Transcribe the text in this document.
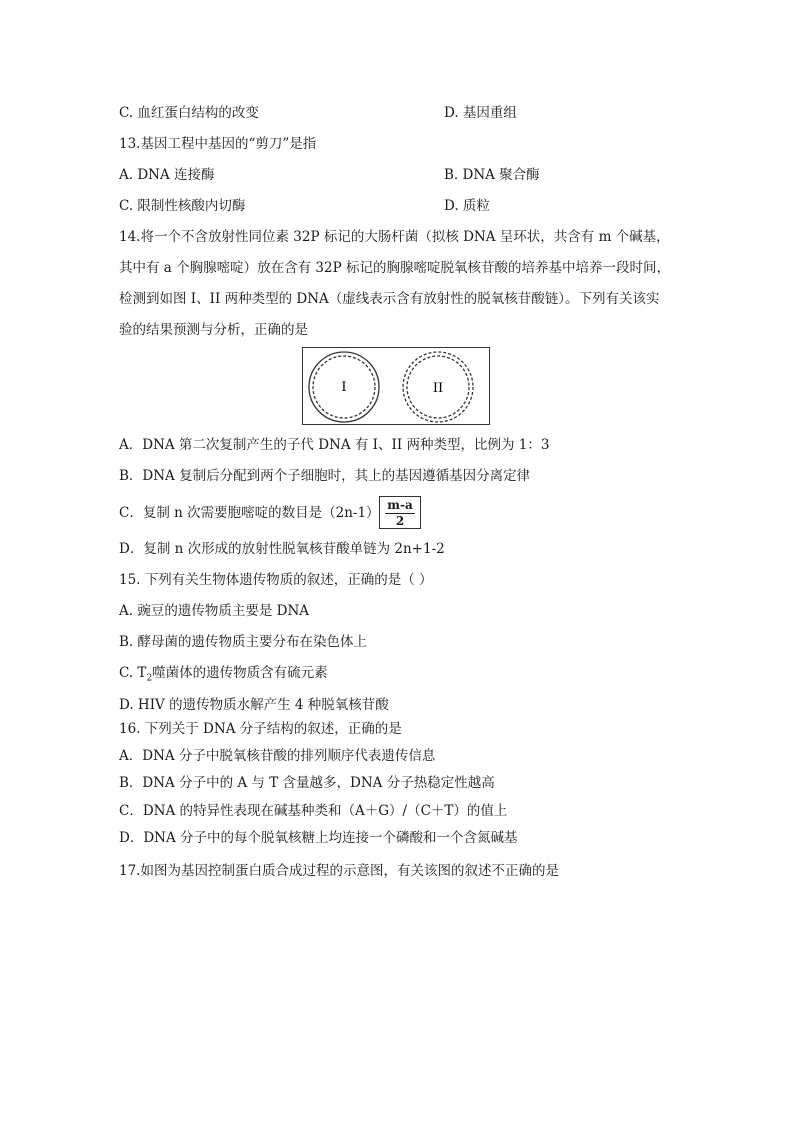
C. 血红蛋白结构的改变	D. 基因重组
13.基因工程中基因的“剪刀”是指
A. DNA 连接酶	B. DNA 聚合酶
C. 限制性核酸内切酶	D. 质粒
14.将一个不含放射性同位素 32P 标记的大肠杆菌（拟核 DNA 呈环状，共含有 m 个碱基，
其中有 a 个胸腺嘧啶）放在含有 32P 标记的胸腺嘧啶脱氧核苷酸的培养基中培养一段时间，
检测到如图 I、II 两种类型的 DNA（虚线表示含有放射性的脱氧核苷酸链）。下列有关该实
验的结果预测与分析，正确的是
I	II
A．DNA 第二次复制产生的子代 DNA 有 I、II 两种类型，比例为 1：3
B．DNA 复制后分配到两个子细胞时，其上的基因遵循基因分离定律
C．复制 n 次需要胞嘧啶的数目是（2n-1） m-a
2
D．复制 n 次形成的放射性脱氧核苷酸单链为 2n+1-2
15. 下列有关生物体遗传物质的叙述，正确的是（ ）
A. 豌豆的遗传物质主要是 DNA
B. 酵母菌的遗传物质主要分布在染色体上
C. $T_2$噬菌体的遗传物质含有硫元素
D. HIV 的遗传物质水解产生 4 种脱氧核苷酸
16. 下列关于 DNA 分子结构的叙述，正确的是
A．DNA 分子中脱氧核苷酸的排列顺序代表遗传信息
B．DNA 分子中的 A 与 T 含量越多，DNA 分子热稳定性越高
C．DNA 的特异性表现在碱基种类和（A＋G）/（C＋T）的值上
D．DNA 分子中的每个脱氧核糖上均连接一个磷酸和一个含氮碱基
17.如图为基因控制蛋白质合成过程的示意图，有关该图的叙述不正确的是
